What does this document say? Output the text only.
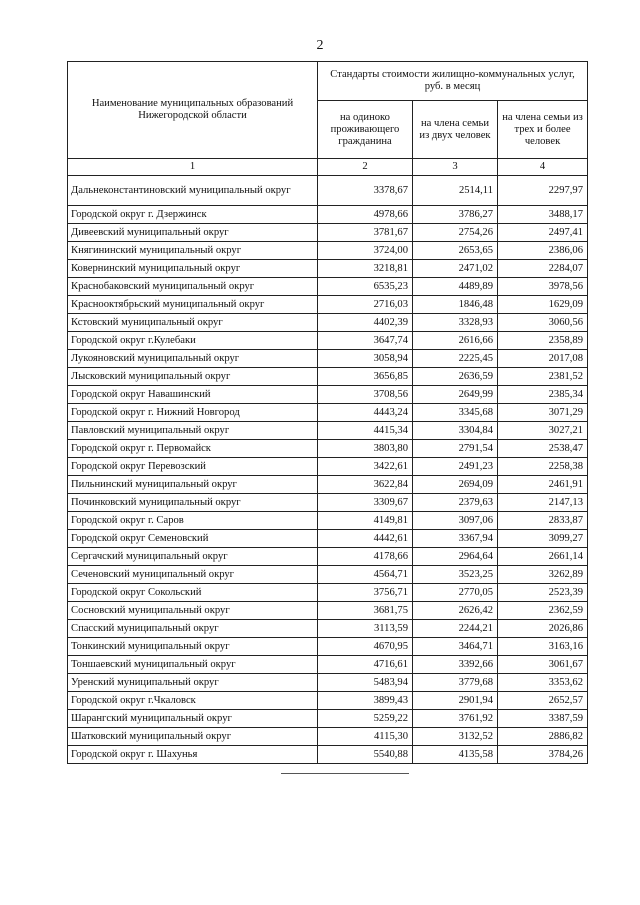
2
Наименование муниципальных образований Нижегородской области	Стандарты стоимости жилищно-коммунальных услуг, руб. в месяц		
	на одиноко проживающего гражданина	на члена семьи из двух человек	на члена семьи из трех и более человек
1	2	3	4
Дальнеконстантиновский муниципальный округ	3378,67	2514,11	2297,97
Городской округ г. Дзержинск	4978,66	3786,27	3488,17
Дивеевский муниципальный округ	3781,67	2754,26	2497,41
Княгининский муниципальный округ	3724,00	2653,65	2386,06
Ковернинский муниципальный округ	3218,81	2471,02	2284,07
Краснобаковский муниципальный округ	6535,23	4489,89	3978,56
Краснооктябрьский муниципальный округ	2716,03	1846,48	1629,09
Кстовский муниципальный округ	4402,39	3328,93	3060,56
Городской округ г.Кулебаки	3647,74	2616,66	2358,89
Лукояновский муниципальный округ	3058,94	2225,45	2017,08
Лысковский муниципальный округ	3656,85	2636,59	2381,52
Городской округ Навашинский	3708,56	2649,99	2385,34
Городской округ г. Нижний Новгород	4443,24	3345,68	3071,29
Павловский муниципальный округ	4415,34	3304,84	3027,21
Городской округ г. Первомайск	3803,80	2791,54	2538,47
Городской округ Перевозский	3422,61	2491,23	2258,38
Пильнинский муниципальный округ	3622,84	2694,09	2461,91
Починковский муниципальный округ	3309,67	2379,63	2147,13
Городской округ г. Саров	4149,81	3097,06	2833,87
Городской округ Семеновский	4442,61	3367,94	3099,27
Сергачский муниципальный округ	4178,66	2964,64	2661,14
Сеченовский муниципальный округ	4564,71	3523,25	3262,89
Городской округ Сокольский	3756,71	2770,05	2523,39
Сосновский муниципальный округ	3681,75	2626,42	2362,59
Спасский муниципальный округ	3113,59	2244,21	2026,86
Тонкинский муниципальный округ	4670,95	3464,71	3163,16
Тоншаевский муниципальный округ	4716,61	3392,66	3061,67
Уренский муниципальный округ	5483,94	3779,68	3353,62
Городской округ г.Чкаловск	3899,43	2901,94	2652,57
Шарангский муниципальный округ	5259,22	3761,92	3387,59
Шатковский муниципальный округ	4115,30	3132,52	2886,82
Городской округ г. Шахунья	5540,88	4135,58	3784,26
